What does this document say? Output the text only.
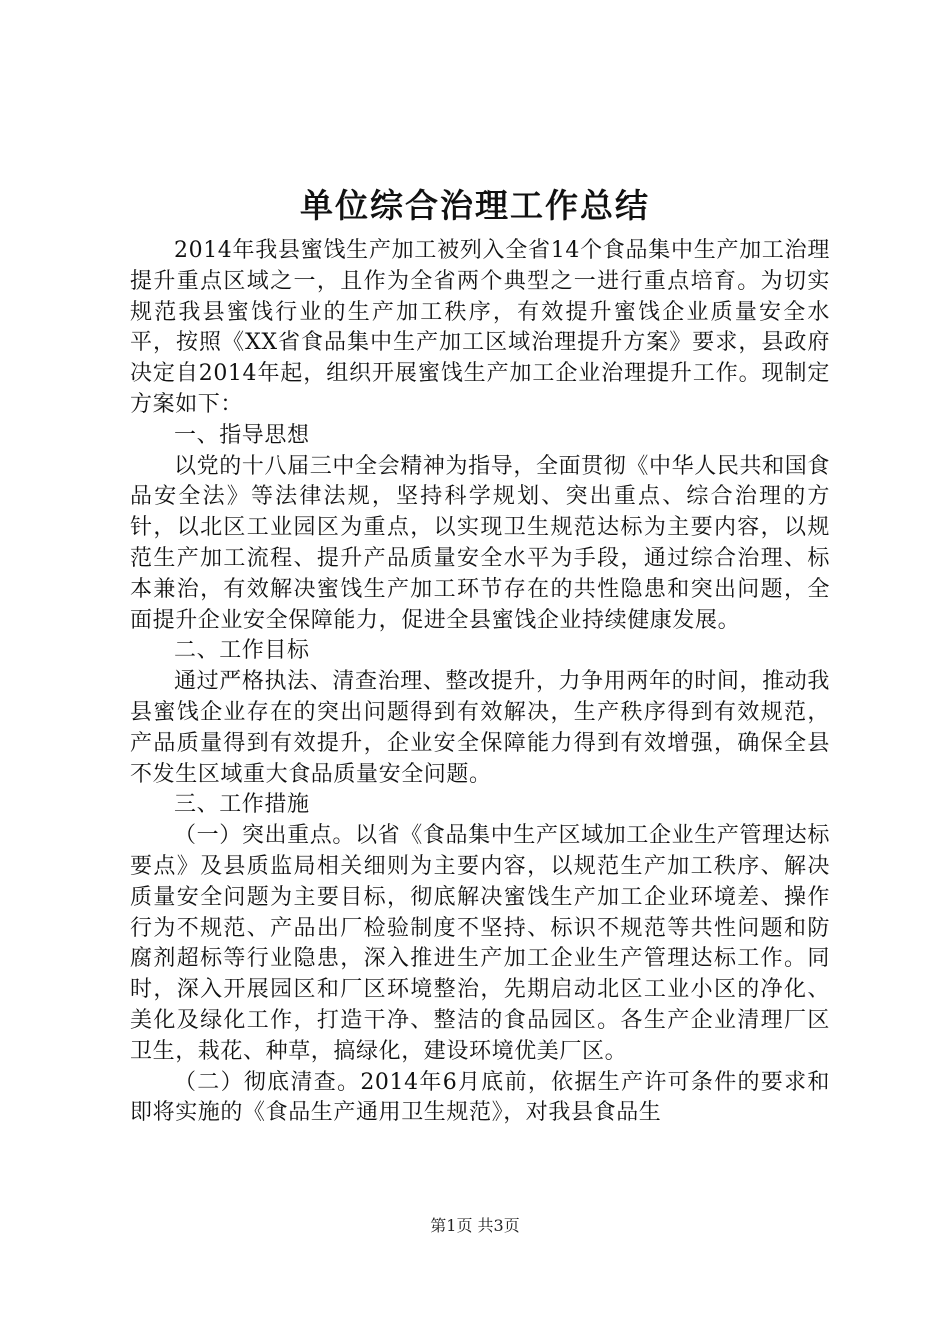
单位综合治理工作总结

2014年我县蜜饯生产加工被列入全省14个食品集中生产加工治理提升重点区域之一，且作为全省两个典型之一进行重点培育。为切实规范我县蜜饯行业的生产加工秩序，有效提升蜜饯企业质量安全水平，按照《XX省食品集中生产加工区域治理提升方案》要求，县政府决定自2014年起，组织开展蜜饯生产加工企业治理提升工作。现制定方案如下：

一、指导思想

以党的十八届三中全会精神为指导，全面贯彻《中华人民共和国食品安全法》等法律法规，坚持科学规划、突出重点、综合治理的方针，以北区工业园区为重点，以实现卫生规范达标为主要内容，以规范生产加工流程、提升产品质量安全水平为手段，通过综合治理、标本兼治，有效解决蜜饯生产加工环节存在的共性隐患和突出问题，全面提升企业安全保障能力，促进全县蜜饯企业持续健康发展。

二、工作目标

通过严格执法、清查治理、整改提升，力争用两年的时间，推动我县蜜饯企业存在的突出问题得到有效解决，生产秩序得到有效规范，产品质量得到有效提升，企业安全保障能力得到有效增强，确保全县不发生区域重大食品质量安全问题。

三、工作措施

（一）突出重点。以省《食品集中生产区域加工企业生产管理达标要点》及县质监局相关细则为主要内容，以规范生产加工秩序、解决质量安全问题为主要目标，彻底解决蜜饯生产加工企业环境差、操作行为不规范、产品出厂检验制度不坚持、标识不规范等共性问题和防腐剂超标等行业隐患，深入推进生产加工企业生产管理达标工作。同时，深入开展园区和厂区环境整治，先期启动北区工业小区的净化、美化及绿化工作，打造干净、整洁的食品园区。各生产企业清理厂区卫生，栽花、种草，搞绿化，建设环境优美厂区。

（二）彻底清查。2014年6月底前，依据生产许可条件的要求和即将实施的《食品生产通用卫生规范》，对我县食品生

第1页 共3页
